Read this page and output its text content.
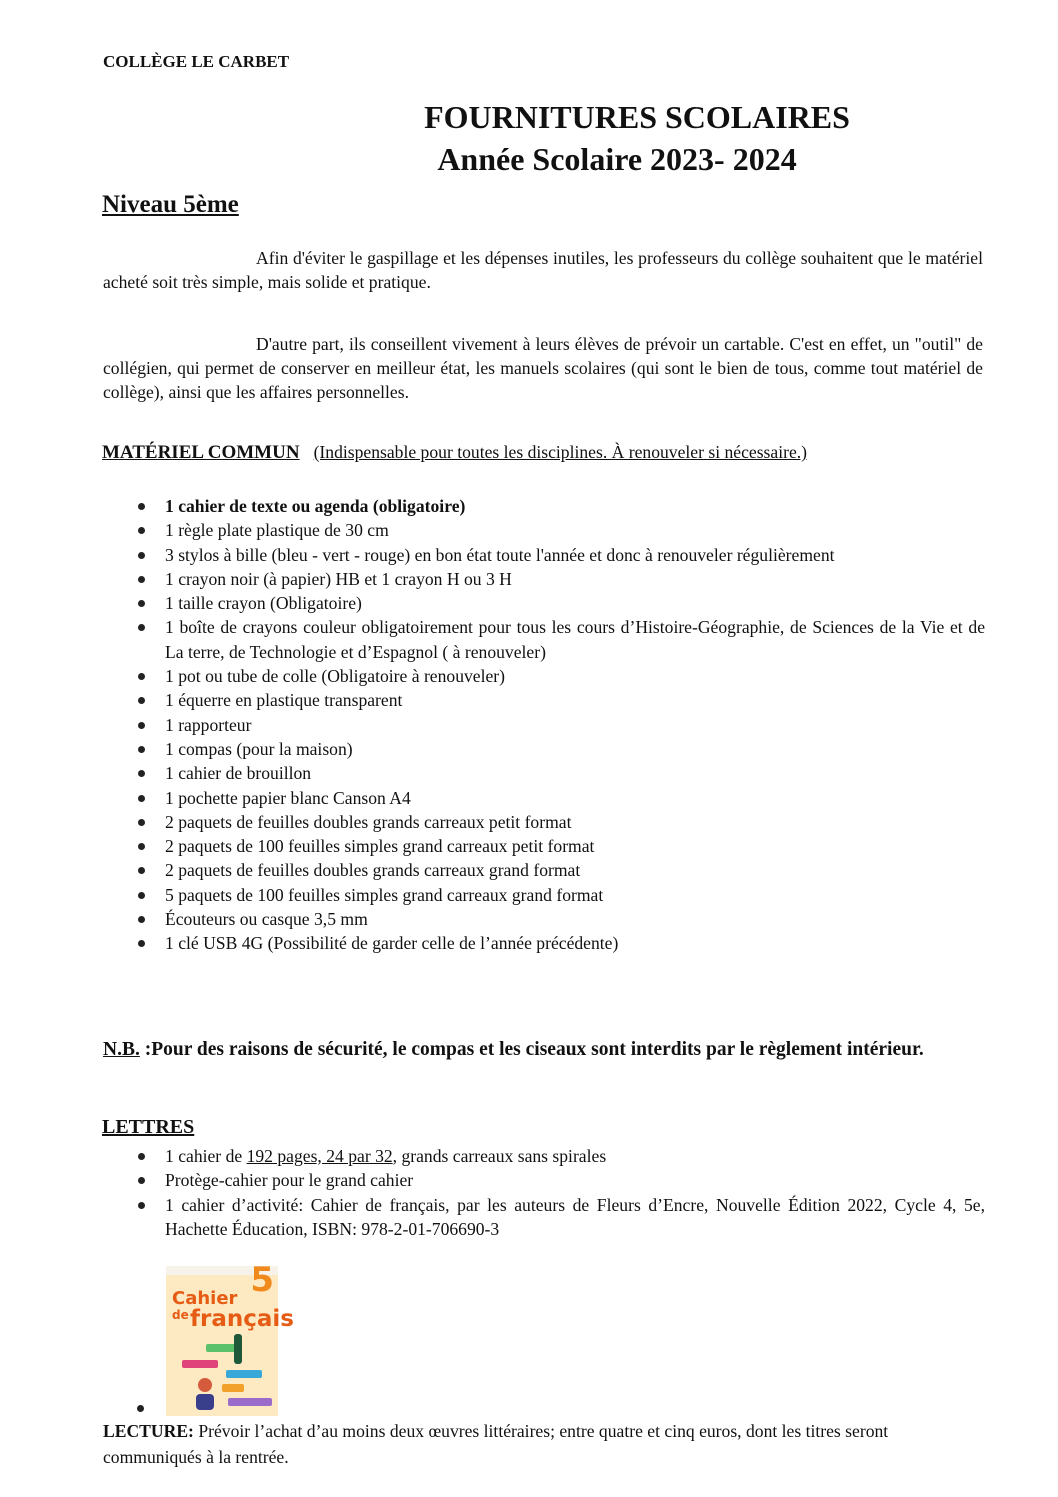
COLLÈGE LE CARBET
FOURNITURES SCOLAIRES
Année Scolaire 2023- 2024
Niveau 5ème
Afin d'éviter le gaspillage et les dépenses inutiles, les professeurs du collège souhaitent que le matériel acheté soit très simple, mais solide et pratique.
D'autre part, ils conseillent vivement à leurs élèves de prévoir un cartable. C'est en effet, un "outil" de collégien, qui permet de conserver en meilleur état, les manuels scolaires (qui sont le bien de tous, comme tout matériel de collège), ainsi que les affaires personnelles.
MATÉRIEL COMMUN (Indispensable pour toutes les disciplines. À renouveler si nécessaire.)
1 cahier de texte ou agenda (obligatoire)
1 règle plate plastique de 30 cm
3 stylos à bille (bleu - vert - rouge) en bon état toute l'année et donc à renouveler régulièrement
1 crayon noir (à papier) HB et 1 crayon H ou 3 H
1 taille crayon (Obligatoire)
1 boîte de crayons couleur obligatoirement pour tous les cours d’Histoire-Géographie, de Sciences de la Vie et de La terre, de Technologie et d’Espagnol ( à renouveler)
1 pot ou tube de colle (Obligatoire à renouveler)
1 équerre en plastique transparent
1 rapporteur
1 compas (pour la maison)
1 cahier de brouillon
1 pochette papier blanc Canson A4
2 paquets de feuilles doubles grands carreaux petit format
2 paquets de 100 feuilles simples grand carreaux petit format
2 paquets de feuilles doubles grands carreaux grand format
5 paquets de 100 feuilles simples grand carreaux grand format
Écouteurs ou casque 3,5 mm
1 clé USB 4G (Possibilité de garder celle de l’année précédente)
N.B. :Pour des raisons de sécurité, le compas et les ciseaux sont interdits par le règlement intérieur.
LETTRES
1 cahier de 192 pages, 24 par 32, grands carreaux sans spirales
Protège-cahier pour le grand cahier
1 cahier d’activité: Cahier de français, par les auteurs de Fleurs d’Encre, Nouvelle Édition 2022, Cycle 4, 5e, Hachette Éducation, ISBN: 978-2-01-706690-3
5
Cahier
de français
LECTURE: Prévoir l’achat d’au moins deux œuvres littéraires; entre quatre et cinq euros, dont les titres seront communiqués à la rentrée.
